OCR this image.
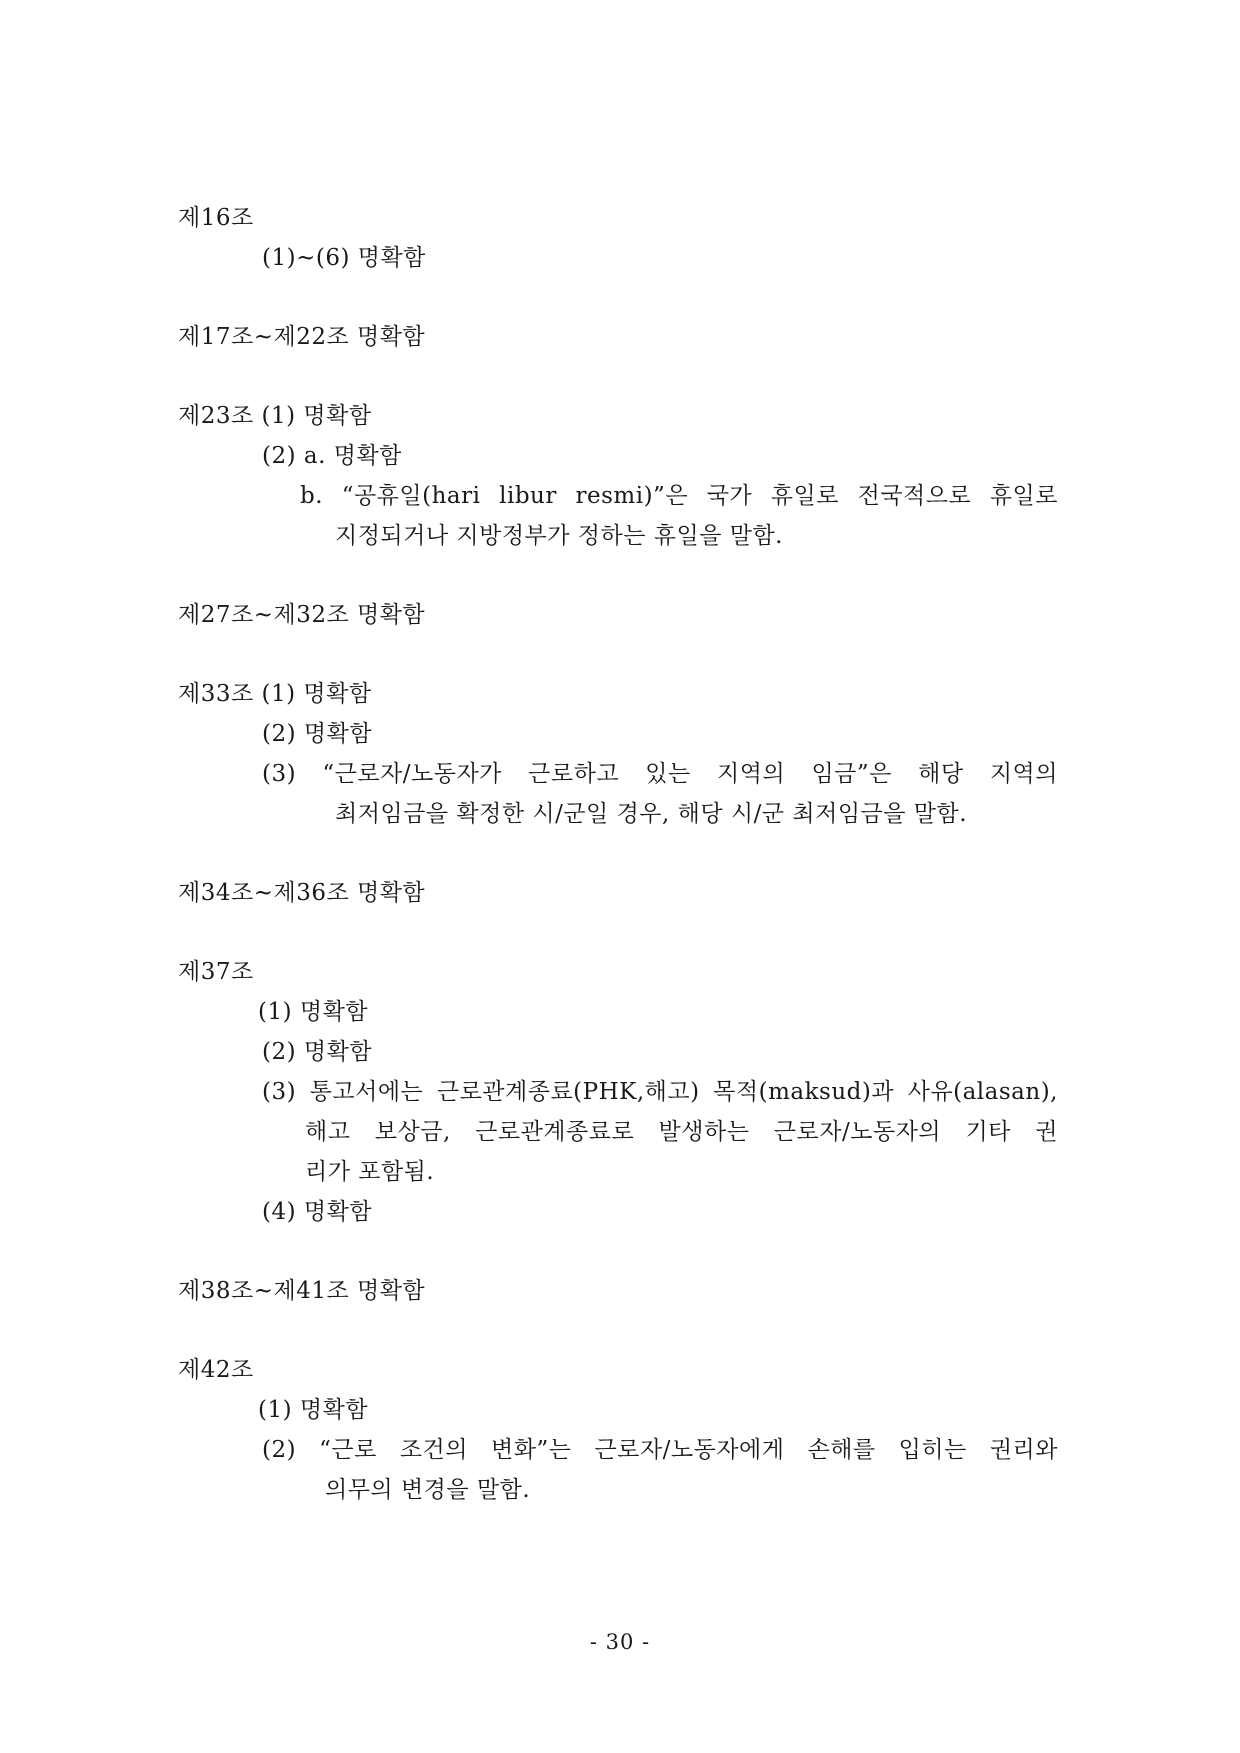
제16조
(1)~(6) 명확함
제17조~제22조 명확함
제23조 (1) 명확함
(2) a. 명확함
b. “공휴일(hari libur resmi)”은 국가 휴일로 전국적으로 휴일로
지정되거나 지방정부가 정하는 휴일을 말함.
제27조~제32조 명확함
제33조 (1) 명확함
(2) 명확함
(3) “근로자/노동자가 근로하고 있는 지역의 임금”은 해당 지역의
최저임금을 확정한 시/군일 경우, 해당 시/군 최저임금을 말함.
제34조~제36조 명확함
제37조
(1) 명확함
(2) 명확함
(3) 통고서에는 근로관계종료(PHK,해고) 목적(maksud)과 사유(alasan),
해고 보상금, 근로관계종료로 발생하는 근로자/노동자의 기타 권
리가 포함됨.
(4) 명확함
제38조~제41조 명확함
제42조
(1) 명확함
(2) “근로 조건의 변화”는 근로자/노동자에게 손해를 입히는 권리와
의무의 변경을 말함.
- 30 -
